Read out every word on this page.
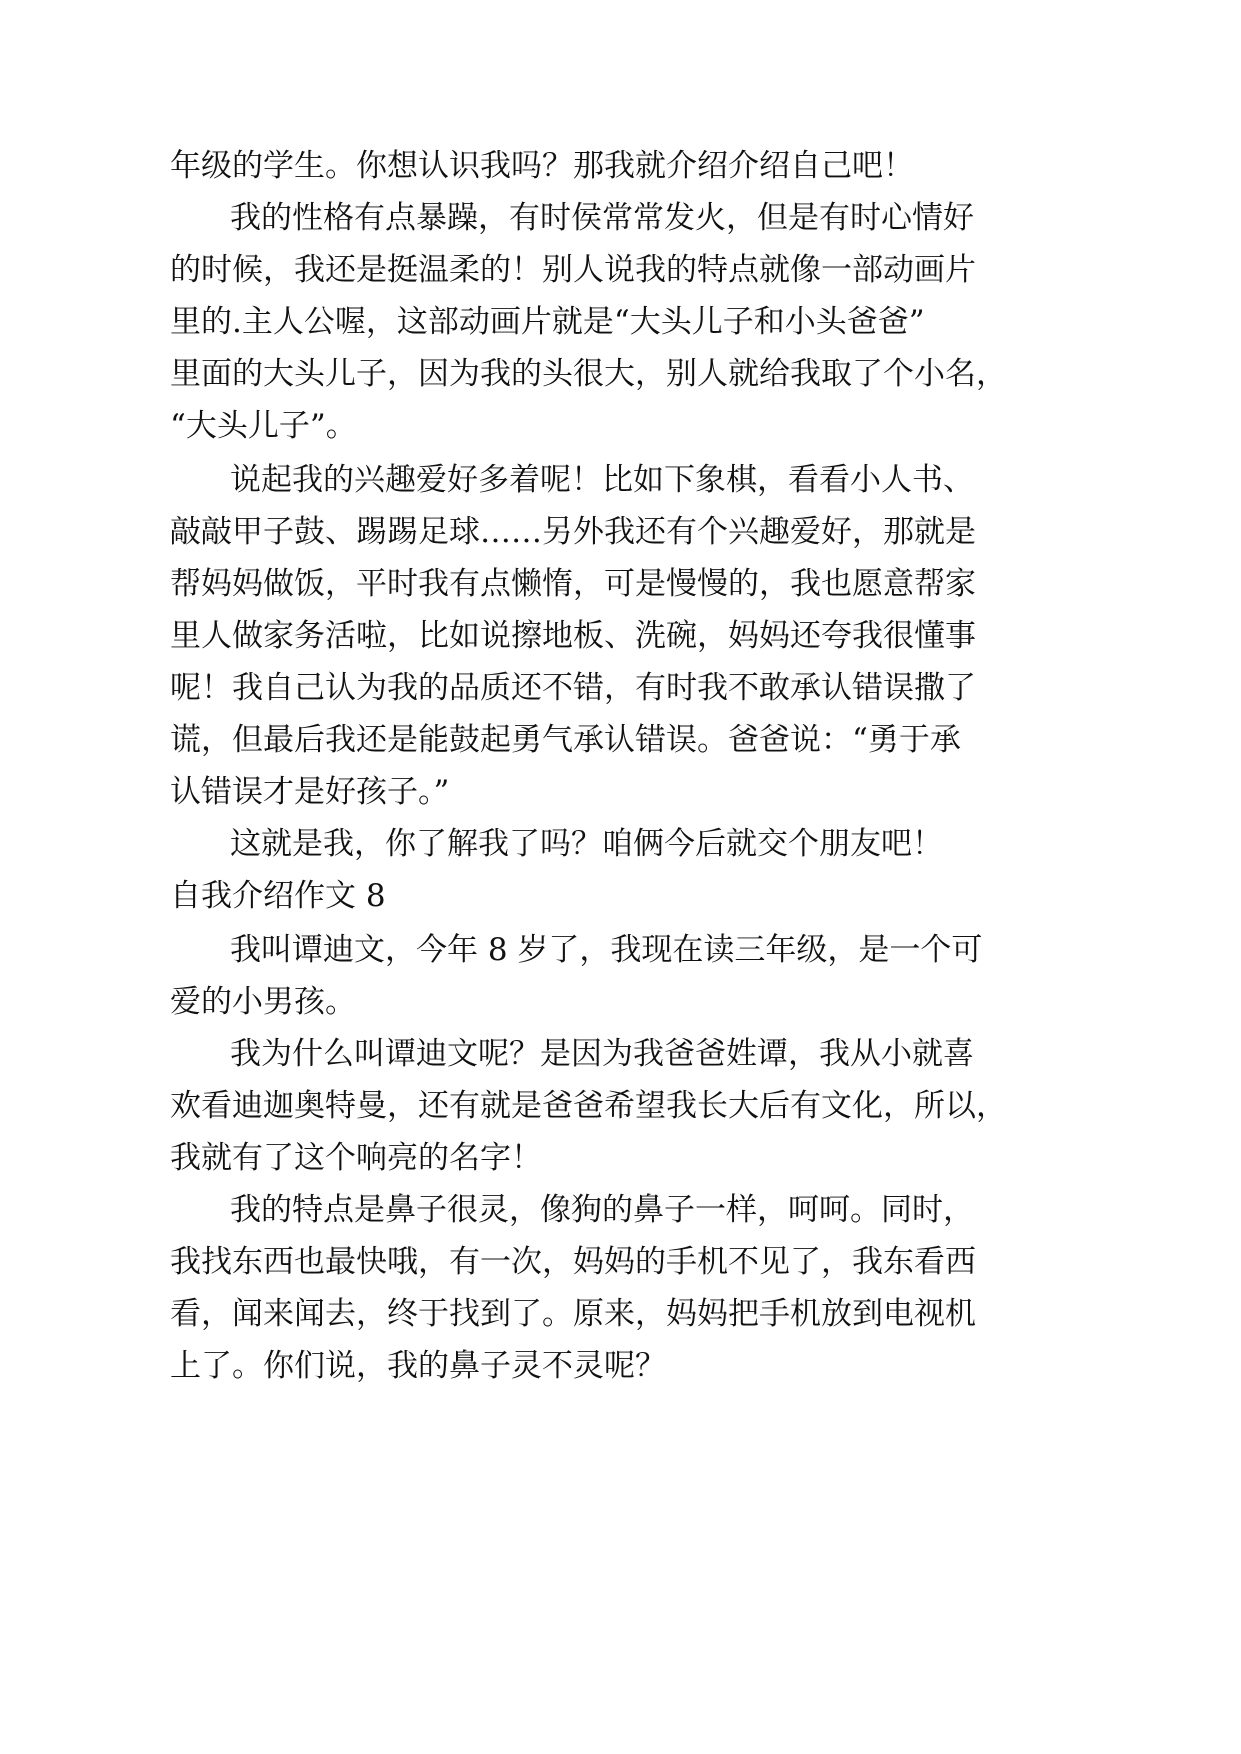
年级的学生。你想认识我吗？那我就介绍介绍自己吧！
我的性格有点暴躁，有时侯常常发火，但是有时心情好
的时候，我还是挺温柔的！别人说我的特点就像一部动画片
里的.主人公喔，这部动画片就是“大头儿子和小头爸爸”
里面的大头儿子，因为我的头很大，别人就给我取了个小名，
“大头儿子”。
说起我的兴趣爱好多着呢！比如下象棋，看看小人书、
敲敲甲子鼓、踢踢足球……另外我还有个兴趣爱好，那就是
帮妈妈做饭，平时我有点懒惰，可是慢慢的，我也愿意帮家
里人做家务活啦，比如说擦地板、洗碗，妈妈还夸我很懂事
呢！我自己认为我的品质还不错，有时我不敢承认错误撒了
谎，但最后我还是能鼓起勇气承认错误。爸爸说：“勇于承
认错误才是好孩子。”
这就是我，你了解我了吗？咱俩今后就交个朋友吧！
自我介绍作文 8
我叫谭迪文，今年 8 岁了，我现在读三年级，是一个可
爱的小男孩。
我为什么叫谭迪文呢？是因为我爸爸姓谭，我从小就喜
欢看迪迦奥特曼，还有就是爸爸希望我长大后有文化，所以，
我就有了这个响亮的名字！
我的特点是鼻子很灵，像狗的鼻子一样，呵呵。同时，
我找东西也最快哦，有一次，妈妈的手机不见了，我东看西
看，闻来闻去，终于找到了。原来，妈妈把手机放到电视机
上了。你们说，我的鼻子灵不灵呢？
